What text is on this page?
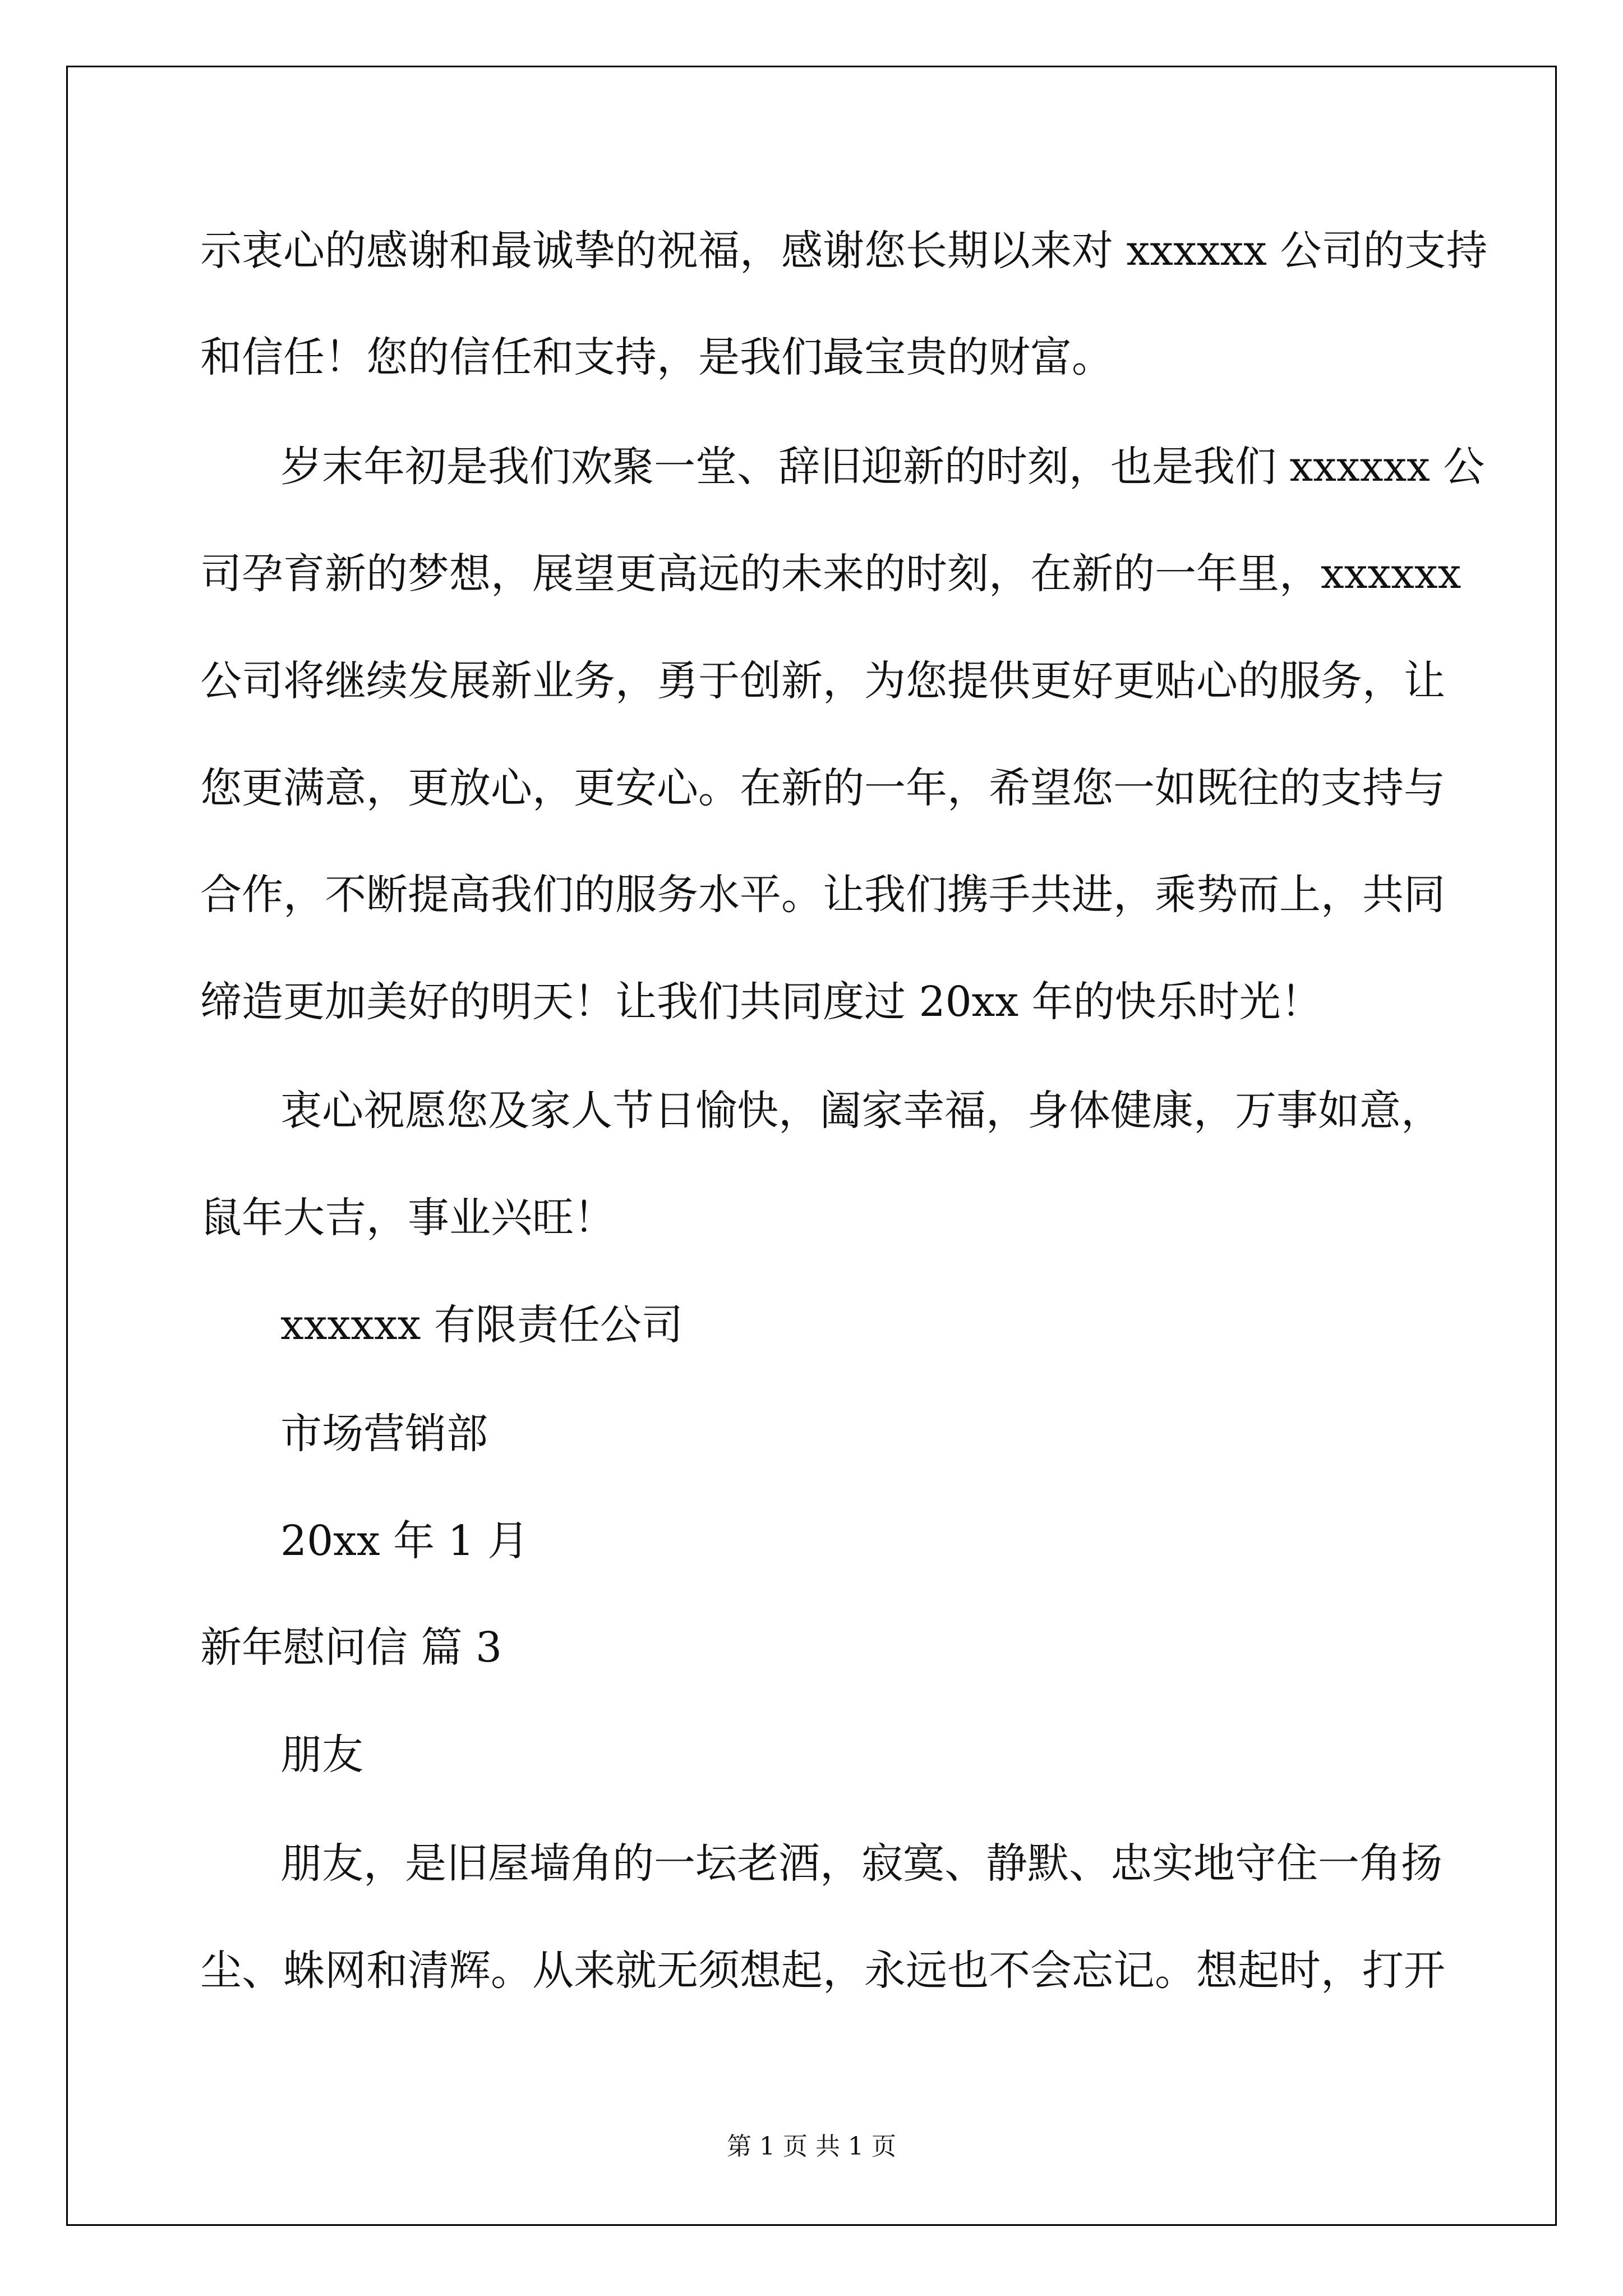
示衷心的感谢和最诚挚的祝福，感谢您长期以来对 xxxxxx 公司的支持
和信任！您的信任和支持，是我们最宝贵的财富。
岁末年初是我们欢聚一堂、辞旧迎新的时刻，也是我们 xxxxxx 公
司孕育新的梦想，展望更高远的未来的时刻，在新的一年里，xxxxxx
公司将继续发展新业务，勇于创新，为您提供更好更贴心的服务，让
您更满意，更放心，更安心。在新的一年，希望您一如既往的支持与
合作，不断提高我们的服务水平。让我们携手共进，乘势而上，共同
缔造更加美好的明天！让我们共同度过 20xx 年的快乐时光！
衷心祝愿您及家人节日愉快，阖家幸福，身体健康，万事如意，
鼠年大吉，事业兴旺！
xxxxxx 有限责任公司
市场营销部
20xx 年 1 月
新年慰问信 篇 3
朋友
朋友，是旧屋墙角的一坛老酒，寂寞、静默、忠实地守住一角扬
尘、蛛网和清辉。从来就无须想起，永远也不会忘记。想起时，打开
第 1 页 共 1 页
